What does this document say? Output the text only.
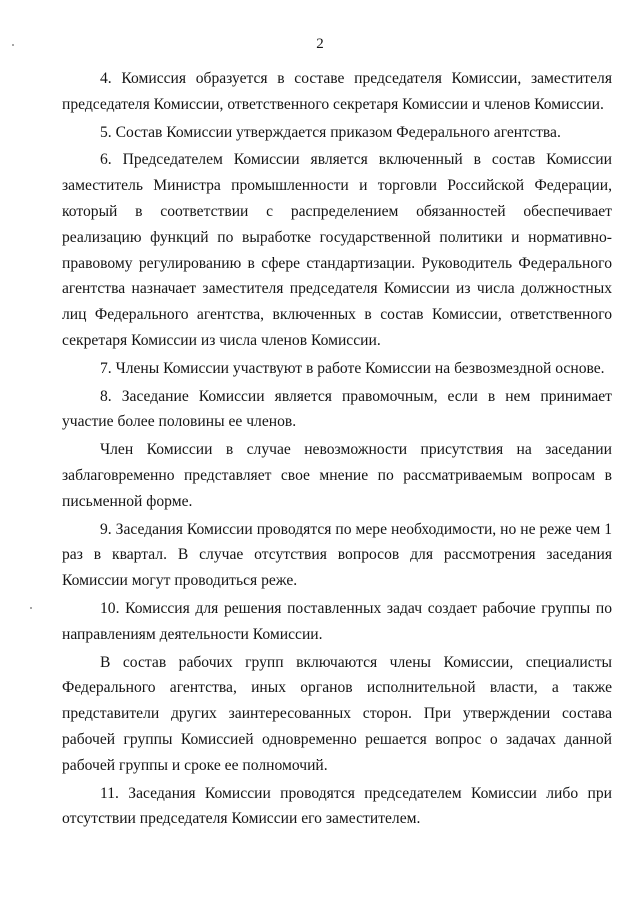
2

4. Комиссия образуется в составе председателя Комиссии, заместителя председателя Комиссии, ответственного секретаря Комиссии и членов Комиссии.

5. Состав Комиссии утверждается приказом Федерального агентства.

6. Председателем Комиссии является включенный в состав Комиссии заместитель Министра промышленности и торговли Российской Федерации, который в соответствии с распределением обязанностей обеспечивает реализацию функций по выработке государственной политики и нормативно-правовому регулированию в сфере стандартизации. Руководитель Федерального агентства назначает заместителя председателя Комиссии из числа должностных лиц Федерального агентства, включенных в состав Комиссии, ответственного секретаря Комиссии из числа членов Комиссии.

7. Члены Комиссии участвуют в работе Комиссии на безвозмездной основе.

8. Заседание Комиссии является правомочным, если в нем принимает участие более половины ее членов.

Член Комиссии в случае невозможности присутствия на заседании заблаговременно представляет свое мнение по рассматриваемым вопросам в письменной форме.

9. Заседания Комиссии проводятся по мере необходимости, но не реже чем 1 раз в квартал. В случае отсутствия вопросов для рассмотрения заседания Комиссии могут проводиться реже.

10. Комиссия для решения поставленных задач создает рабочие группы по направлениям деятельности Комиссии.

В состав рабочих групп включаются члены Комиссии, специалисты Федерального агентства, иных органов исполнительной власти, а также представители других заинтересованных сторон. При утверждении состава рабочей группы Комиссией одновременно решается вопрос о задачах данной рабочей группы и сроке ее полномочий.

11. Заседания Комиссии проводятся председателем Комиссии либо при отсутствии председателя Комиссии его заместителем.
